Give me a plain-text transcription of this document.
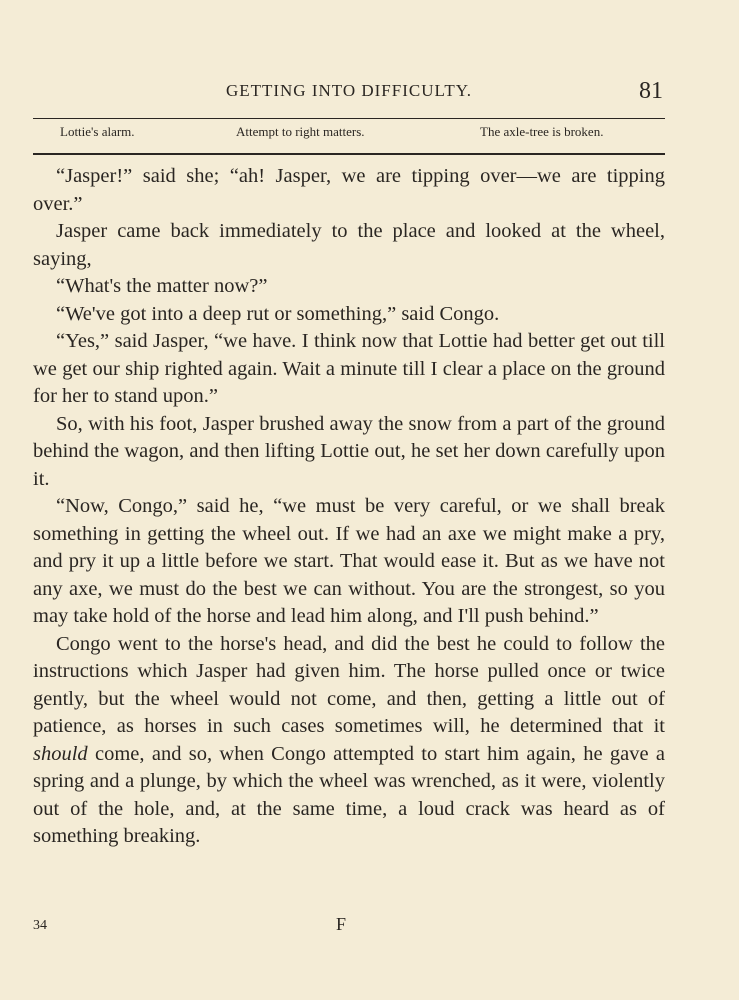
GETTING INTO DIFFICULTY.	81
Lottie's alarm.	Attempt to right matters.	The axle-tree is broken.

“Jasper!” said she; “ah! Jasper, we are tipping over—we are tipping over.”

Jasper came back immediately to the place and looked at the wheel, saying,

“What's the matter now?”

“We've got into a deep rut or something,” said Congo.

“Yes,” said Jasper, “we have. I think now that Lottie had better get out till we get our ship righted again. Wait a minute till I clear a place on the ground for her to stand upon.”

So, with his foot, Jasper brushed away the snow from a part of the ground behind the wagon, and then lifting Lottie out, he set her down carefully upon it.

“Now, Congo,” said he, “we must be very careful, or we shall break something in getting the wheel out. If we had an axe we might make a pry, and pry it up a little before we start. That would ease it. But as we have not any axe, we must do the best we can without. You are the strongest, so you may take hold of the horse and lead him along, and I'll push behind.”

Congo went to the horse's head, and did the best he could to follow the instructions which Jasper had given him. The horse pulled once or twice gently, but the wheel would not come, and then, getting a little out of patience, as horses in such cases sometimes will, he determined that it should come, and so, when Congo attempted to start him again, he gave a spring and a plunge, by which the wheel was wrenched, as it were, violently out of the hole, and, at the same time, a loud crack was heard as of something breaking.

34	F
